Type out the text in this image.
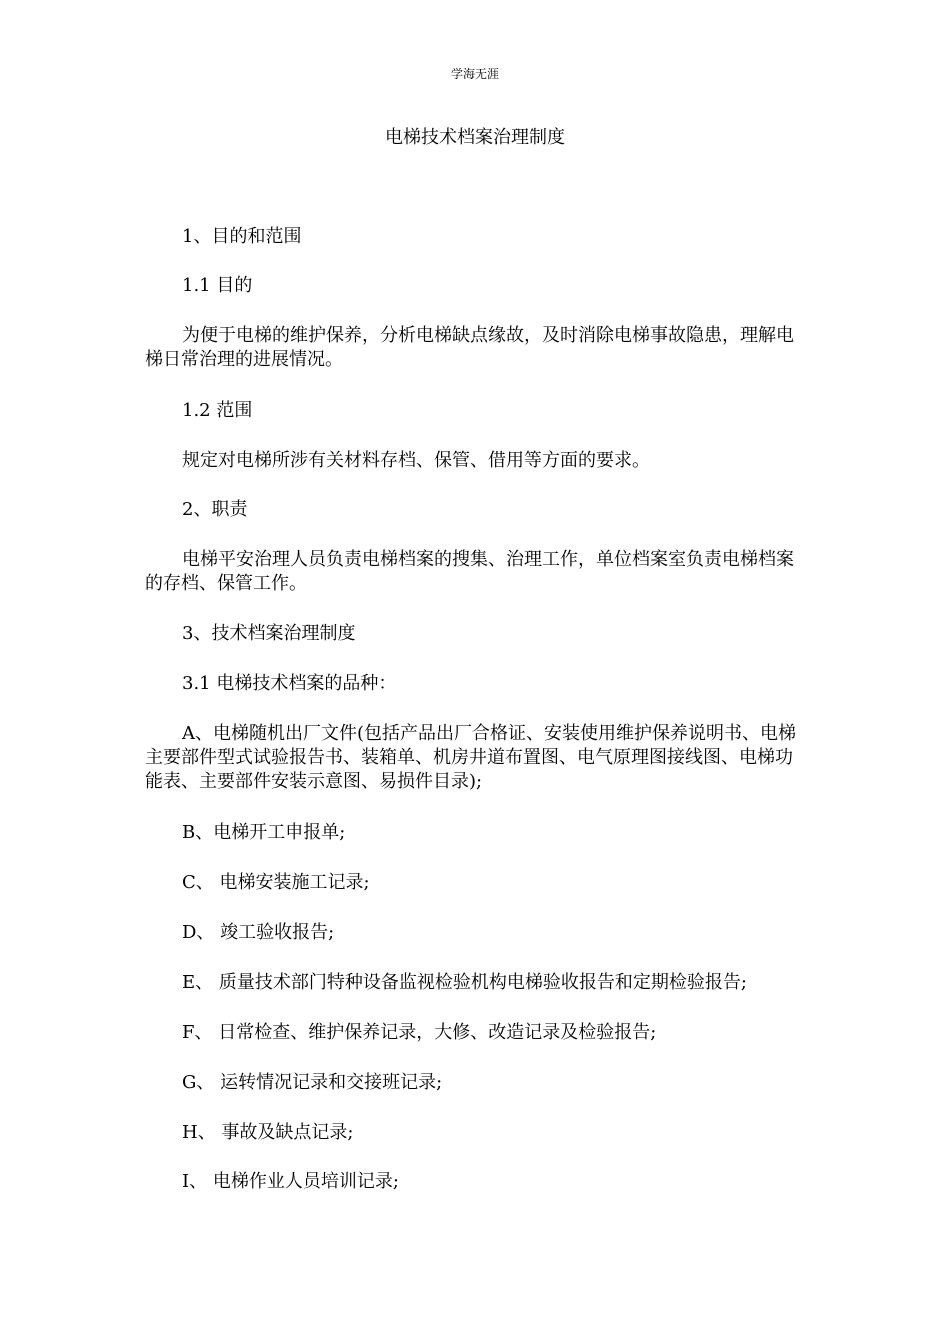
学海无涯
电梯技术档案治理制度
1、目的和范围
1.1 目的
为便于电梯的维护保养，分析电梯缺点缘故，及时消除电梯事故隐患，理解电梯日常治理的进展情况。
1.2 范围
规定对电梯所涉有关材料存档、保管、借用等方面的要求。
2、职责
电梯平安治理人员负责电梯档案的搜集、治理工作，单位档案室负责电梯档案的存档、保管工作。
3、技术档案治理制度
3.1 电梯技术档案的品种：
A、电梯随机出厂文件(包括产品出厂合格证、安装使用维护保养说明书、电梯主要部件型式试验报告书、装箱单、机房井道布置图、电气原理图接线图、电梯功能表、主要部件安装示意图、易损件目录);
B、电梯开工申报单;
C、 电梯安装施工记录;
D、 竣工验收报告;
E、 质量技术部门特种设备监视检验机构电梯验收报告和定期检验报告;
F、 日常检查、维护保养记录，大修、改造记录及检验报告;
G、 运转情况记录和交接班记录;
H、 事故及缺点记录;
I、 电梯作业人员培训记录;
